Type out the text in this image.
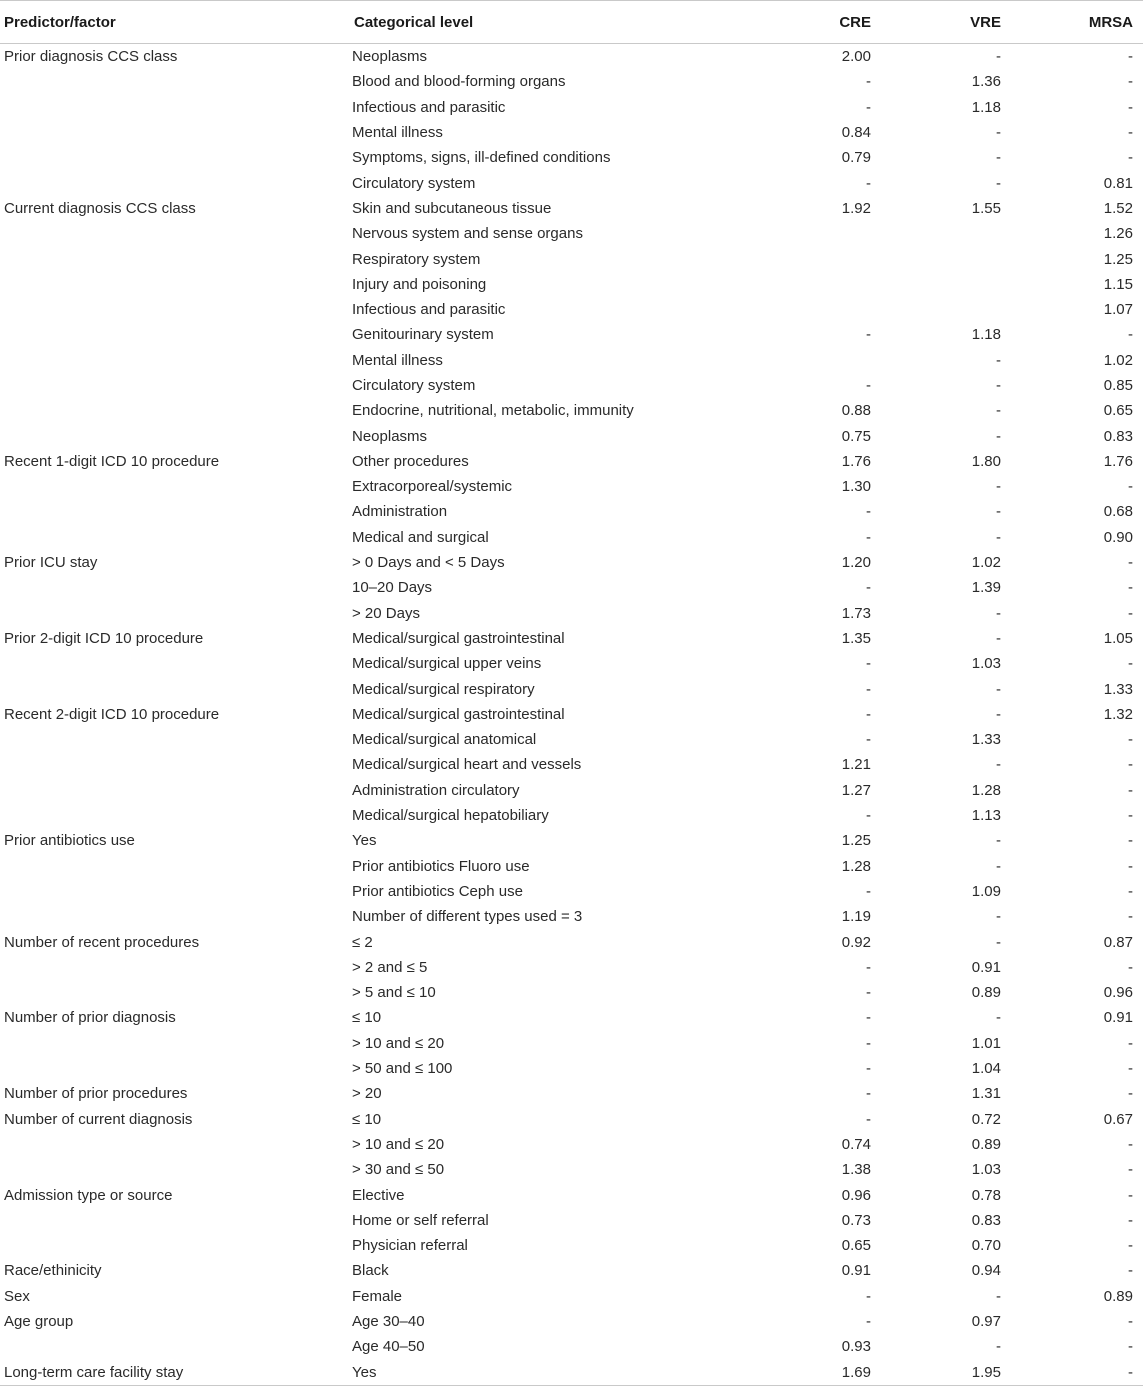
Predictor/factor	Categorical level	CRE	VRE	MRSA
Prior diagnosis CCS class	Neoplasms	2.00	-	-
	Blood and blood-forming organs	-	1.36	-
	Infectious and parasitic	-	1.18	-
	Mental illness	0.84	-	-
	Symptoms, signs, ill-defined conditions	0.79	-	-
	Circulatory system	-	-	0.81
Current diagnosis CCS class	Skin and subcutaneous tissue	1.92	1.55	1.52
	Nervous system and sense organs			1.26
	Respiratory system			1.25
	Injury and poisoning			1.15
	Infectious and parasitic			1.07
	Genitourinary system	-	1.18	-
	Mental illness		-	1.02
	Circulatory system	-	-	0.85
	Endocrine, nutritional, metabolic, immunity	0.88	-	0.65
	Neoplasms	0.75	-	0.83
Recent 1-digit ICD 10 procedure	Other procedures	1.76	1.80	1.76
	Extracorporeal/systemic	1.30	-	-
	Administration	-	-	0.68
	Medical and surgical	-	-	0.90
Prior ICU stay	> 0 Days and < 5 Days	1.20	1.02	-
	10–20 Days	-	1.39	-
	> 20 Days	1.73	-	-
Prior 2-digit ICD 10 procedure	Medical/surgical gastrointestinal	1.35	-	1.05
	Medical/surgical upper veins	-	1.03	-
	Medical/surgical respiratory	-	-	1.33
Recent 2-digit ICD 10 procedure	Medical/surgical gastrointestinal	-	-	1.32
	Medical/surgical anatomical	-	1.33	-
	Medical/surgical heart and vessels	1.21	-	-
	Administration circulatory	1.27	1.28	-
	Medical/surgical hepatobiliary	-	1.13	-
Prior antibiotics use	Yes	1.25	-	-
	Prior antibiotics Fluoro use	1.28	-	-
	Prior antibiotics Ceph use	-	1.09	-
	Number of different types used = 3	1.19	-	-
Number of recent procedures	≤ 2	0.92	-	0.87
	> 2 and ≤ 5	-	0.91	-
	> 5 and ≤ 10	-	0.89	0.96
Number of prior diagnosis	≤ 10	-	-	0.91
	> 10 and ≤ 20	-	1.01	-
	> 50 and ≤ 100	-	1.04	-
Number of prior procedures	> 20	-	1.31	-
Number of current diagnosis	≤ 10	-	0.72	0.67
	> 10 and ≤ 20	0.74	0.89	-
	> 30 and ≤ 50	1.38	1.03	-
Admission type or source	Elective	0.96	0.78	-
	Home or self referral	0.73	0.83	-
	Physician referral	0.65	0.70	-
Race/ethinicity	Black	0.91	0.94	-
Sex	Female	-	-	0.89
Age group	Age 30–40	-	0.97	-
	Age 40–50	0.93	-	-
Long-term care facility stay	Yes	1.69	1.95	-
